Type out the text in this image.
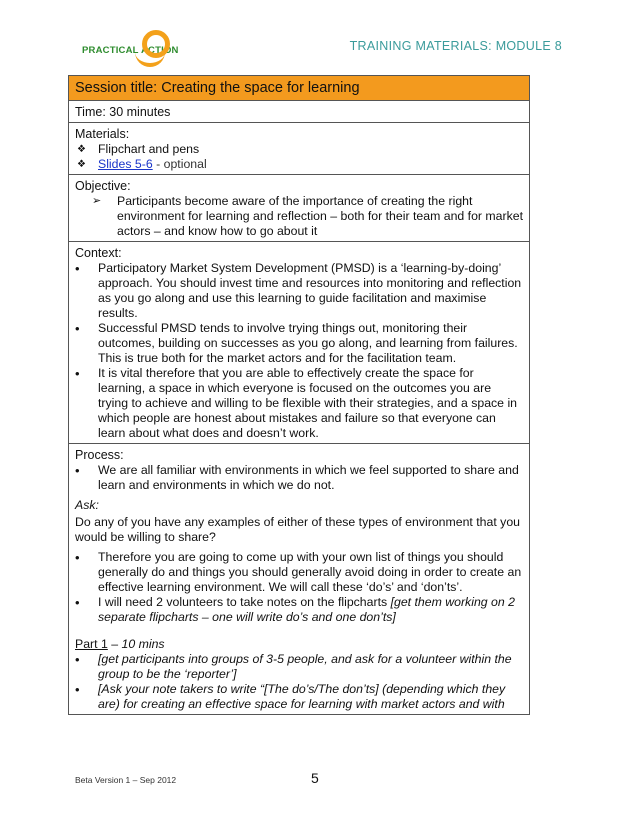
PRACTICAL ACTION	TRAINING MATERIALS: MODULE 8
Session title: Creating the space for learning
Time: 30 minutes
Materials:
❖ Flipchart and pens
❖ Slides 5-6 - optional
Objective:
➢ Participants become aware of the importance of creating the right environment for learning and reflection – both for their team and for market actors – and know how to go about it
Context:
• Participatory Market System Development (PMSD) is a ‘learning-by-doing’ approach. You should invest time and resources into monitoring and reflection as you go along and use this learning to guide facilitation and maximise results.
• Successful PMSD tends to involve trying things out, monitoring their outcomes, building on successes as you go along, and learning from failures. This is true both for the market actors and for the facilitation team.
• It is vital therefore that you are able to effectively create the space for learning, a space in which everyone is focused on the outcomes you are trying to achieve and willing to be flexible with their strategies, and a space in which people are honest about mistakes and failure so that everyone can learn about what does and doesn’t work.
Process:
• We are all familiar with environments in which we feel supported to share and learn and environments in which we do not.
Ask:
Do any of you have any examples of either of these types of environment that you would be willing to share?
• Therefore you are going to come up with your own list of things you should generally do and things you should generally avoid doing in order to create an effective learning environment. We will call these ‘do’s’ and ‘don’ts’.
• I will need 2 volunteers to take notes on the flipcharts [get them working on 2 separate flipcharts – one will write do’s and one don’ts]
Part 1 – 10 mins
• [get participants into groups of 3-5 people, and ask for a volunteer within the group to be the ‘reporter’]
• [Ask your note takers to write “[The do’s/The don’ts] (depending which they are) for creating an effective space for learning with market actors and with
Beta Version 1 – Sep 2012	5
